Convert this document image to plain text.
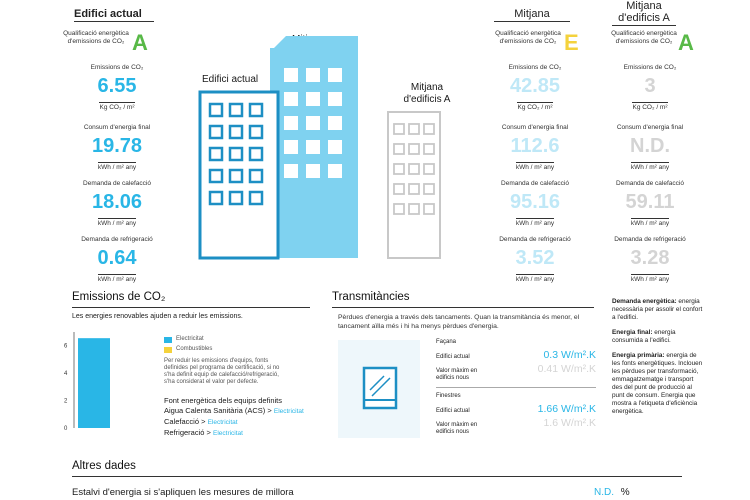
Edifici actual
Qualificació energètica d'emissions de CO₂ A
Emissions de CO₂
6.55
Kg CO₂ / m²
Consum d'energia final
19.78
kWh / m² any
Demanda de calefacció
18.06
kWh / m² any
Demanda de refrigeració
0.64
kWh / m² any
Edifici actual
Mitjana d'edificis A
Mitjana
Qualificació energètica d'emissions de CO₂ E
Emissions de CO₂
42.85
Kg CO₂ / m²
Consum d'energia final
112.6
kWh / m² any
Demanda de calefacció
95.16
kWh / m² any
Demanda de refrigeració
3.52
kWh / m² any
Mitjana d'edificis A
Qualificació energètica d'emissions de CO₂ A
Emissions de CO₂
3
Kg CO₂ / m²
Consum d'energia final
N.D.
kWh / m² any
Demanda de calefacció
59.11
kWh / m² any
Demanda de refrigeració
3.28
kWh / m² any
Emissions de CO₂
Les energies renovables ajuden a reduir les emissions.
6
4
2
0
Electricitat
Combustibles
Per reduir les emissions d'equips, fonts definides pel programa de certificació, si no s'ha definit equip de calefacció/refrigeració, s'ha considerat el valor per defecte.
Font energètica dels equips definits
Aigua Calenta Sanitària (ACS) > Electricitat
Calefacció > Electricitat
Refrigeració > Electricitat
Transmitàncies
Pèrdues d'energia a través dels tancaments. Quan la transmitància és menor, el tancament aïlla més i hi ha menys pèrdues d'energia.
Façana
Edifici actual	0.3 W/m².K
Valor màxim en edificis nous
0.41 W/m².K
Finestres
Edifici actual	1.66 W/m².K
Valor màxim en edificis nous
1.6 W/m².K
Demanda energètica: energia necessària per assolir el confort a l'edifici.
Energia final: energia consumida a l'edifici.
Energia primària: energia de les fonts energètiques. Inclouen les pèrdues per transformació, emmagatzematge i transport des del punt de producció al punt de consum. Energia que mostra a l'etiqueta d'eficiència energètica.
Altres dades
Estalvi d'energia si s'apliquen les mesures de millora	N.D. %
